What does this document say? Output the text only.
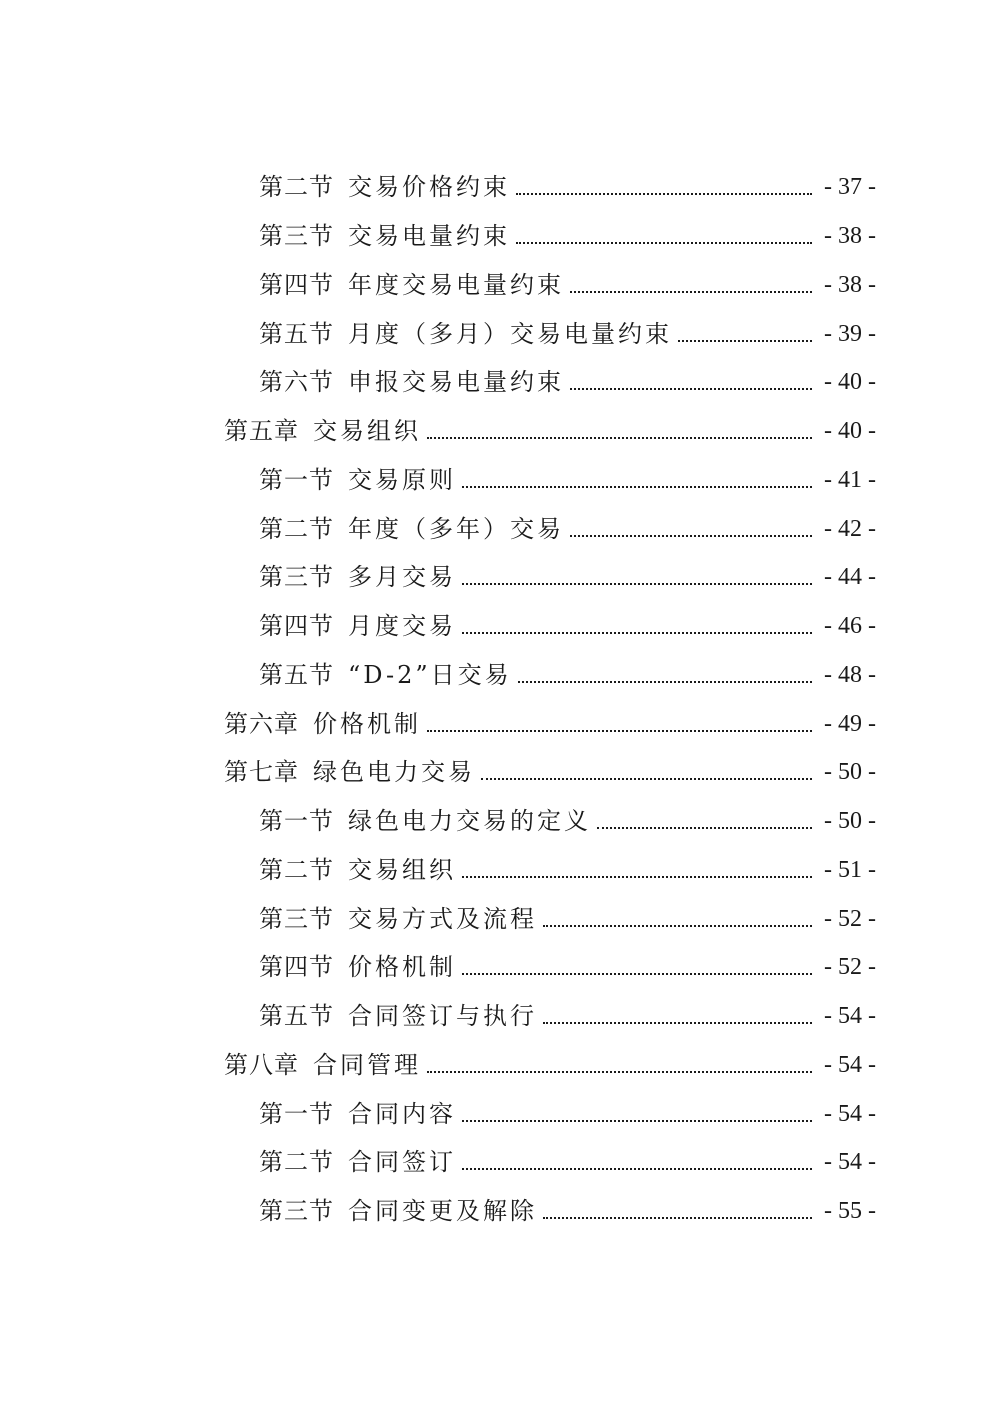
第二节 交易价格约束	- 37 -
第三节 交易电量约束	- 38 -
第四节 年度交易电量约束	- 38 -
第五节 月度（多月）交易电量约束	- 39 -
第六节 申报交易电量约束	- 40 -
第五章 交易组织	- 40 -
第一节 交易原则	- 41 -
第二节 年度（多年）交易	- 42 -
第三节 多月交易	- 44 -
第四节 月度交易	- 46 -
第五节 “D-2”日交易	- 48 -
第六章 价格机制	- 49 -
第七章 绿色电力交易	- 50 -
第一节 绿色电力交易的定义	- 50 -
第二节 交易组织	- 51 -
第三节 交易方式及流程	- 52 -
第四节 价格机制	- 52 -
第五节 合同签订与执行	- 54 -
第八章 合同管理	- 54 -
第一节 合同内容	- 54 -
第二节 合同签订	- 54 -
第三节 合同变更及解除	- 55 -
